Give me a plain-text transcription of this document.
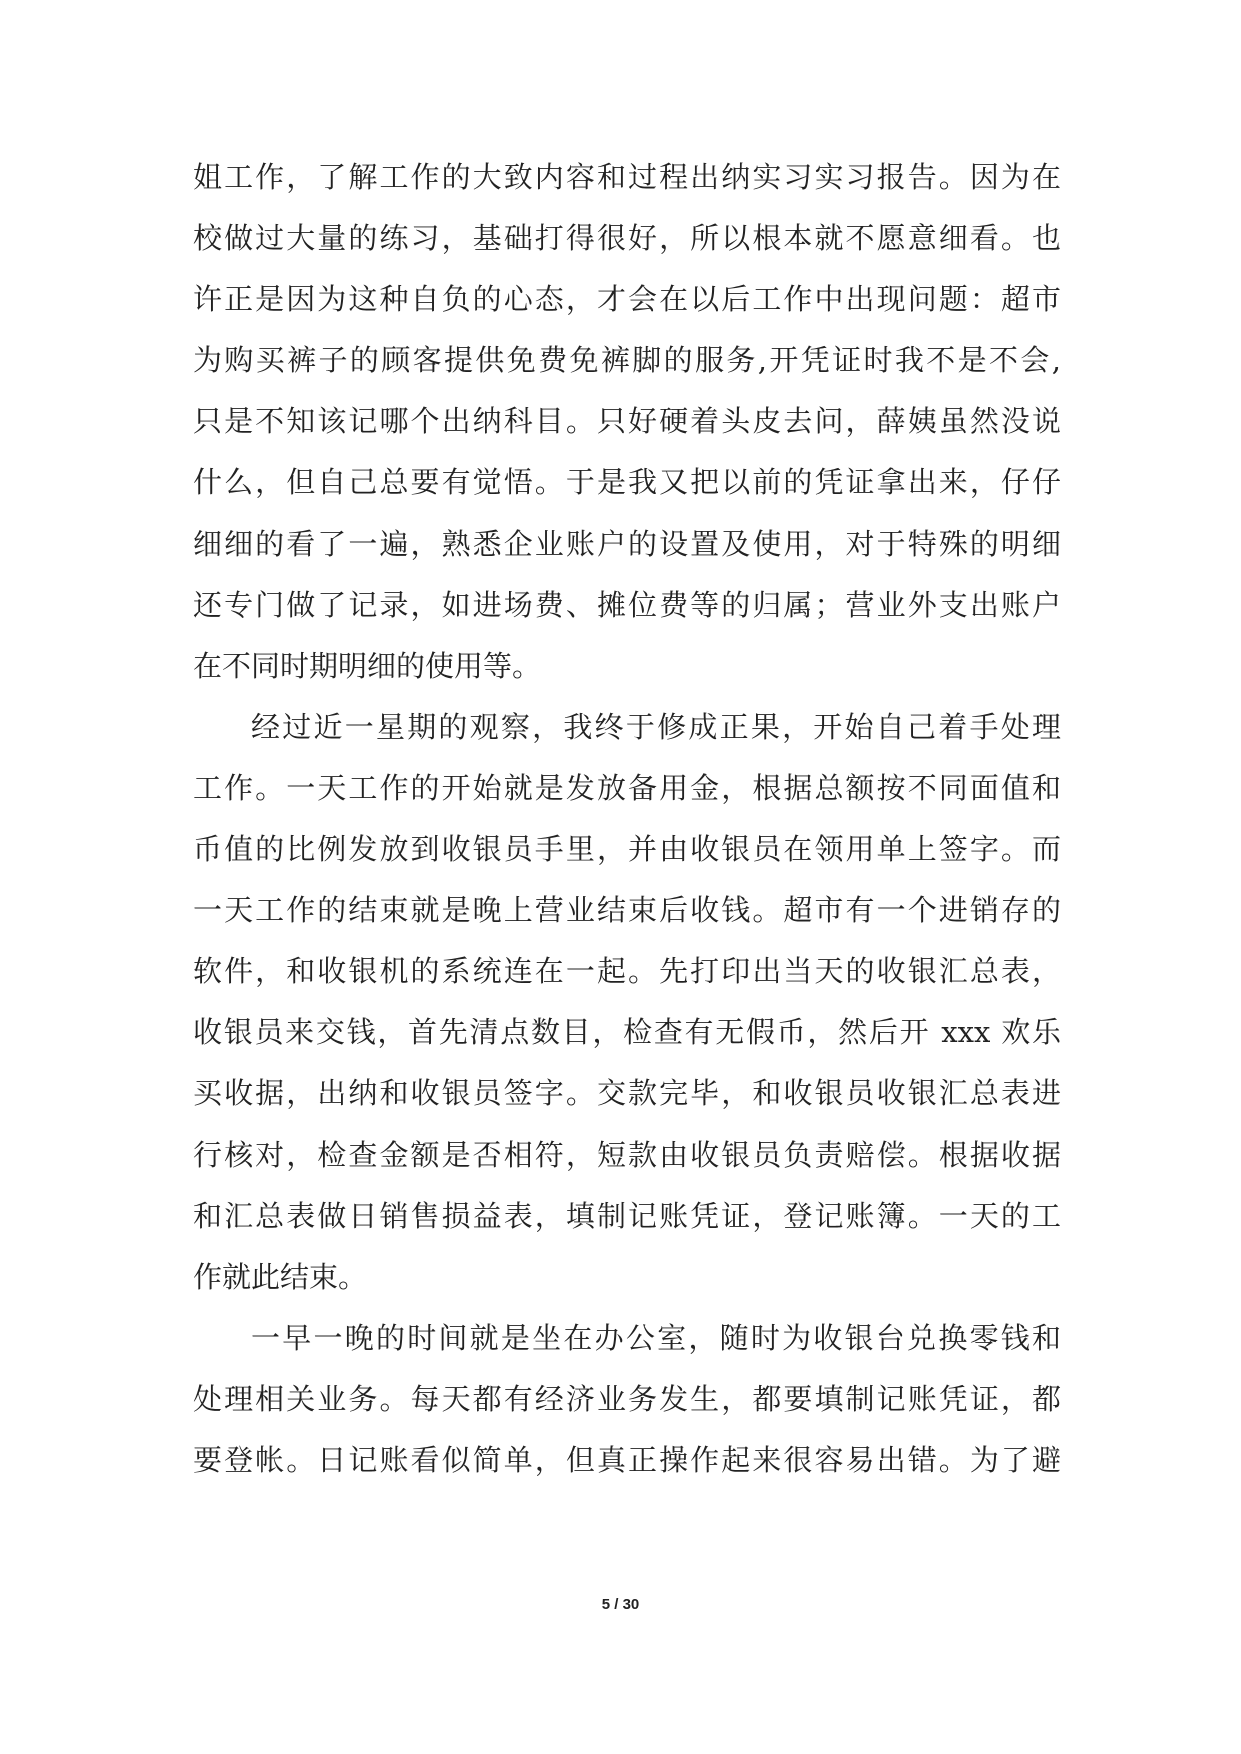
姐工作，了解工作的大致内容和过程出纳实习实习报告。因为在
校做过大量的练习，基础打得很好，所以根本就不愿意细看。也
许正是因为这种自负的心态，才会在以后工作中出现问题：超市
为购买裤子的顾客提供免费免裤脚的服务,开凭证时我不是不会,
只是不知该记哪个出纳科目。只好硬着头皮去问，薛姨虽然没说
什么，但自己总要有觉悟。于是我又把以前的凭证拿出来，仔仔
细细的看了一遍，熟悉企业账户的设置及使用，对于特殊的明细
还专门做了记录，如进场费、摊位费等的归属；营业外支出账户
在不同时期明细的使用等。
经过近一星期的观察，我终于修成正果，开始自己着手处理
工作。一天工作的开始就是发放备用金，根据总额按不同面值和
币值的比例发放到收银员手里，并由收银员在领用单上签字。而
一天工作的结束就是晚上营业结束后收钱。超市有一个进销存的
软件，和收银机的系统连在一起。先打印出当天的收银汇总表，
收银员来交钱，首先清点数目，检查有无假币，然后开 xxx 欢乐
买收据，出纳和收银员签字。交款完毕，和收银员收银汇总表进
行核对，检查金额是否相符，短款由收银员负责赔偿。根据收据
和汇总表做日销售损益表，填制记账凭证，登记账簿。一天的工
作就此结束。
一早一晚的时间就是坐在办公室，随时为收银台兑换零钱和
处理相关业务。每天都有经济业务发生，都要填制记账凭证，都
要登帐。日记账看似简单，但真正操作起来很容易出错。为了避
5 / 30
